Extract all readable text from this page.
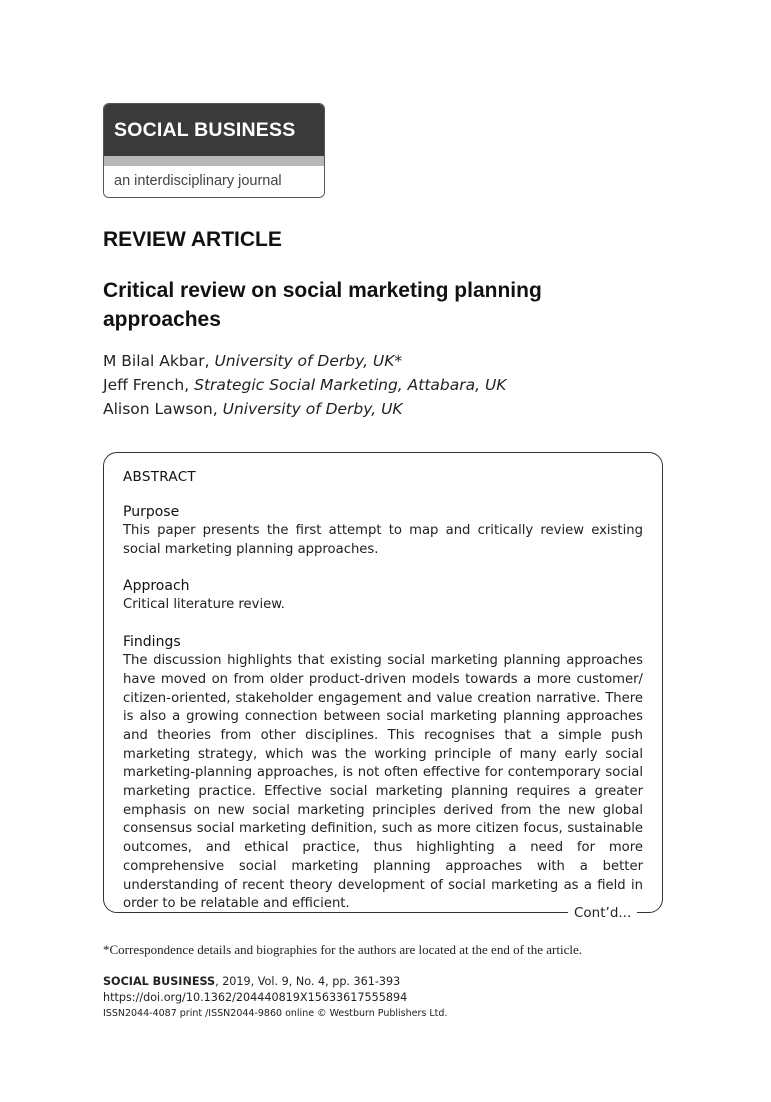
SOCIAL BUSINESS
an interdisciplinary journal
REVIEW ARTICLE
Critical review on social marketing planning approaches
M Bilal Akbar, University of Derby, UK*
Jeff French, Strategic Social Marketing, Attabara, UK
Alison Lawson, University of Derby, UK

ABSTRACT

Purpose

This paper presents the first attempt to map and critically review existing social marketing planning approaches.

Approach

Critical literature review.

Findings

The discussion highlights that existing social marketing planning approaches have moved on from older product-driven models towards a more customer/ citizen-oriented, stakeholder engagement and value creation narrative. There is also a growing connection between social marketing planning approaches and theories from other disciplines. This recognises that a simple push marketing strategy, which was the working principle of many early social marketing-planning approaches, is not often effective for contemporary social marketing practice. Effective social marketing planning requires a greater emphasis on new social marketing principles derived from the new global consensus social marketing definition, such as more citizen focus, sustainable outcomes, and ethical practice, thus highlighting a need for more comprehensive social marketing planning approaches with a better understanding of recent theory development of social marketing as a field in order to be relatable and efficient.

Cont’d...
*Correspondence details and biographies for the authors are located at the end of the article.
SOCIAL BUSINESS, 2019, Vol. 9, No. 4, pp. 361-393
https://doi.org/10.1362/204440819X15633617555894
ISSN2044-4087 print /ISSN2044-9860 online © Westburn Publishers Ltd.
